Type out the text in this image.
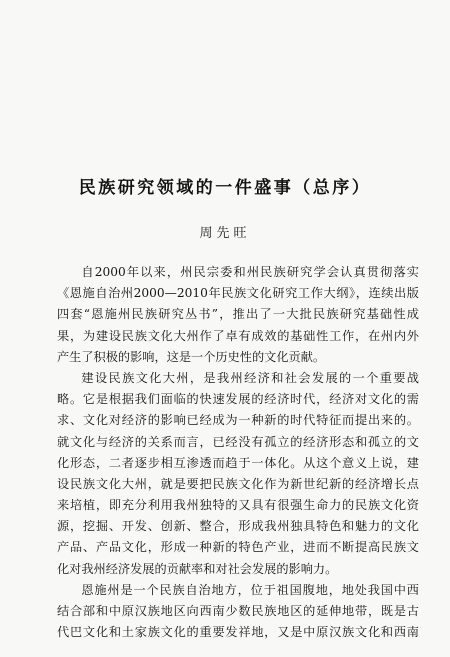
民族研究领域的一件盛事（总序）
周先旺
自2000年以来，州民宗委和州民族研究学会认真贯彻落实
《恩施自治州2000—2010年民族文化研究工作大纲》，连续出版
四套“恩施州民族研究丛书”，推出了一大批民族研究基础性成
果，为建设民族文化大州作了卓有成效的基础性工作，在州内外
产生了积极的影响，这是一个历史性的文化贡献。
建设民族文化大州，是我州经济和社会发展的一个重要战
略。它是根据我们面临的快速发展的经济时代，经济对文化的需
求、文化对经济的影响已经成为一种新的时代特征而提出来的。
就文化与经济的关系而言，已经没有孤立的经济形态和孤立的文
化形态，二者逐步相互渗透而趋于一体化。从这个意义上说，建
设民族文化大州，就是要把民族文化作为新世纪新的经济增长点
来培植，即充分利用我州独特的又具有很强生命力的民族文化资
源，挖掘、开发、创新、整合，形成我州独具特色和魅力的文化
产品、产品文化，形成一种新的特色产业，进而不断提高民族文
化对我州经济发展的贡献率和对社会发展的影响力。
恩施州是一个民族自治地方，位于祖国腹地，地处我国中西
结合部和中原汉族地区向西南少数民族地区的延伸地带，既是古
代巴文化和土家族文化的重要发祥地，又是中原汉族文化和西南
